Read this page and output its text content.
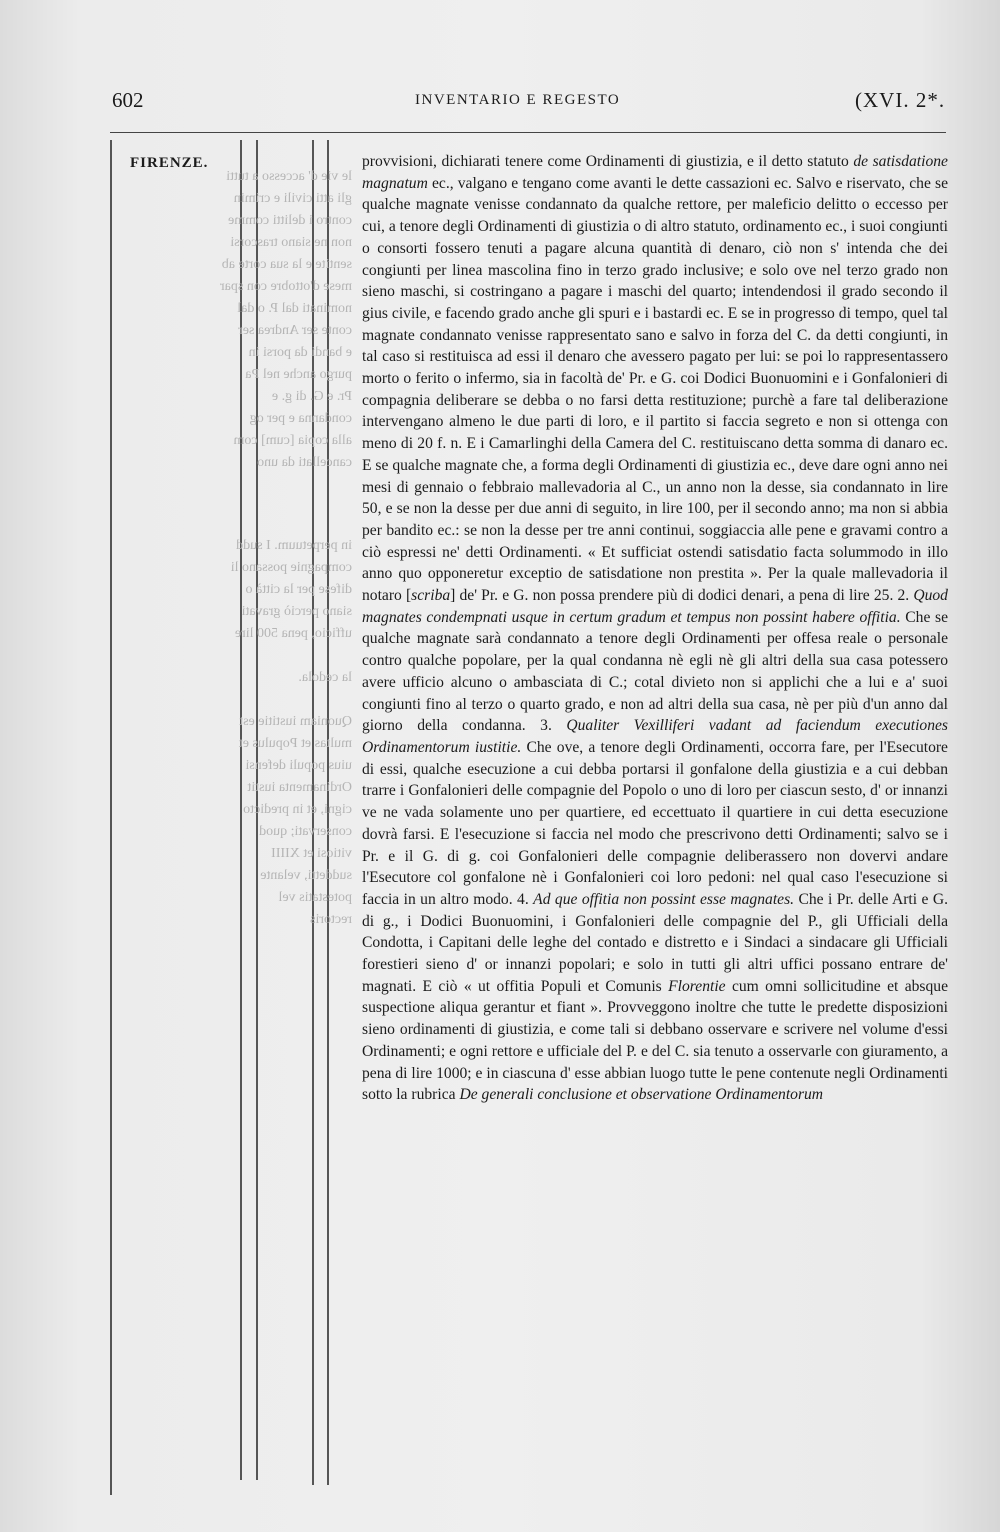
602	INVENTARIO E REGESTO	(XVI. 2*.
le vie d' accesso a tutti
gli atti civili e crimin
contro i delitti comme
non ne siano trascorsi
sentite e la sua corte ab
mese d'ottobre con spar
nominati dal P. o dal
conte ser Andrea ser
e bandi da porsi in
purgo anche nel Pa
Pr. e G. di g. e
condanna e per og
alla copia [cum] com
cancellati da uno
in perpetuum. I sudd
compagnie possano li
difese per la città o
siano perciò gravati
ufficio, pena 500 lire

la cedola.

Quoniam iustitie est
multas et Populus et
uius populi defensi
Ordinamenta iustit
cigni, et in predicto
conservati; quod
vitiosi et XIIII
suddetti, velante
potestatis vel
rectoris
FIRENZE.	provvisioni, dichiarati tenere come Ordinamenti di giustizia, e il detto statuto de satisdatione magnatum ec., valgano e tengano come avanti le dette cassazioni ec. Salvo e riservato, che se qualche magnate venisse condannato da qualche rettore, per maleficio delitto o eccesso per cui, a tenore degli Ordinamenti di giustizia o di altro statuto, ordinamento ec., i suoi congiunti o consorti fossero tenuti a pagare alcuna quantità di denaro, ciò non s' intenda che dei congiunti per linea mascolina fino in terzo grado inclusive; e solo ove nel terzo grado non sieno maschi, si costringano a pagare i maschi del quarto; intendendosi il grado secondo il gius civile, e facendo grado anche gli spuri e i bastardi ec. E se in progresso di tempo, quel tal magnate condannato venisse rappresentato sano e salvo in forza del C. da detti congiunti, in tal caso si restituisca ad essi il denaro che avessero pagato per lui: se poi lo rappresentassero morto o ferito o infermo, sia in facoltà de' Pr. e G. coi Dodici Buonuomini e i Gonfalonieri di compagnia deliberare se debba o no farsi detta restituzione; purchè a fare tal deliberazione intervengano almeno le due parti di loro, e il partito si faccia segreto e non si ottenga con meno di 20 f. n. E i Camarlinghi della Camera del C. restituiscano detta somma di danaro ec. E se qualche magnate che, a forma degli Ordinamenti di giustizia ec., deve dare ogni anno nei mesi di gennaio o febbraio mallevadoria al C., un anno non la desse, sia condannato in lire 50, e se non la desse per due anni di seguito, in lire 100, per il secondo anno; ma non si abbia per bandito ec.: se non la desse per tre anni continui, soggiaccia alle pene e gravami contro a ciò espressi ne' detti Ordinamenti. « Et sufficiat ostendi satisdatio facta solummodo in illo anno quo opponeretur exceptio de satisdatione non prestita ». Per la quale mallevadoria il notaro [scriba] de' Pr. e G. non possa prendere più di dodici denari, a pena di lire 25. 2. Quod magnates condempnati usque in certum gradum et tempus non possint habere offitia. Che se qualche magnate sarà condannato a tenore degli Ordinamenti per offesa reale o personale contro qualche popolare, per la qual condanna nè egli nè gli altri della sua casa potessero avere ufficio alcuno o ambasciata di C.; cotal divieto non si applichi che a lui e a' suoi congiunti fino al terzo o quarto grado, e non ad altri della sua casa, nè per più d'un anno dal giorno della condanna. 3. Qualiter Vexilliferi vadant ad faciendum executiones Ordinamentorum iustitie. Che ove, a tenore degli Ordinamenti, occorra fare, per l'Esecutore di essi, qualche esecuzione a cui debba portarsi il gonfalone della giustizia e a cui debban trarre i Gonfalonieri delle compagnie del Popolo o uno di loro per ciascun sesto, d' or innanzi ve ne vada solamente uno per quartiere, ed eccettuato il quartiere in cui detta esecuzione dovrà farsi. E l'esecuzione si faccia nel modo che prescrivono detti Ordinamenti; salvo se i Pr. e il G. di g. coi Gonfalonieri delle compagnie deliberassero non dovervi andare l'Esecutore col gonfalone nè i Gonfalonieri coi loro pedoni: nel qual caso l'esecuzione si faccia in un altro modo. 4. Ad que offitia non possint esse magnates. Che i Pr. delle Arti e G. di g., i Dodici Buonuomini, i Gonfalonieri delle compagnie del P., gli Ufficiali della Condotta, i Capitani delle leghe del contado e distretto e i Sindaci a sindacare gli Ufficiali forestieri sieno d' or innanzi popolari; e solo in tutti gli altri uffici possano entrare de' magnati. E ciò « ut offitia Populi et Comunis Florentie cum omni sollicitudine et absque suspectione aliqua gerantur et fiant ». Provveggono inoltre che tutte le predette disposizioni sieno ordinamenti di giustizia, e come tali si debbano osservare e scrivere nel volume d'essi Ordinamenti; e ogni rettore e ufficiale del P. e del C. sia tenuto a osservarle con giuramento, a pena di lire 1000; e in ciascuna d' esse abbian luogo tutte le pene contenute negli Ordinamenti sotto la rubrica De generali conclusione et observatione Ordinamentorum
